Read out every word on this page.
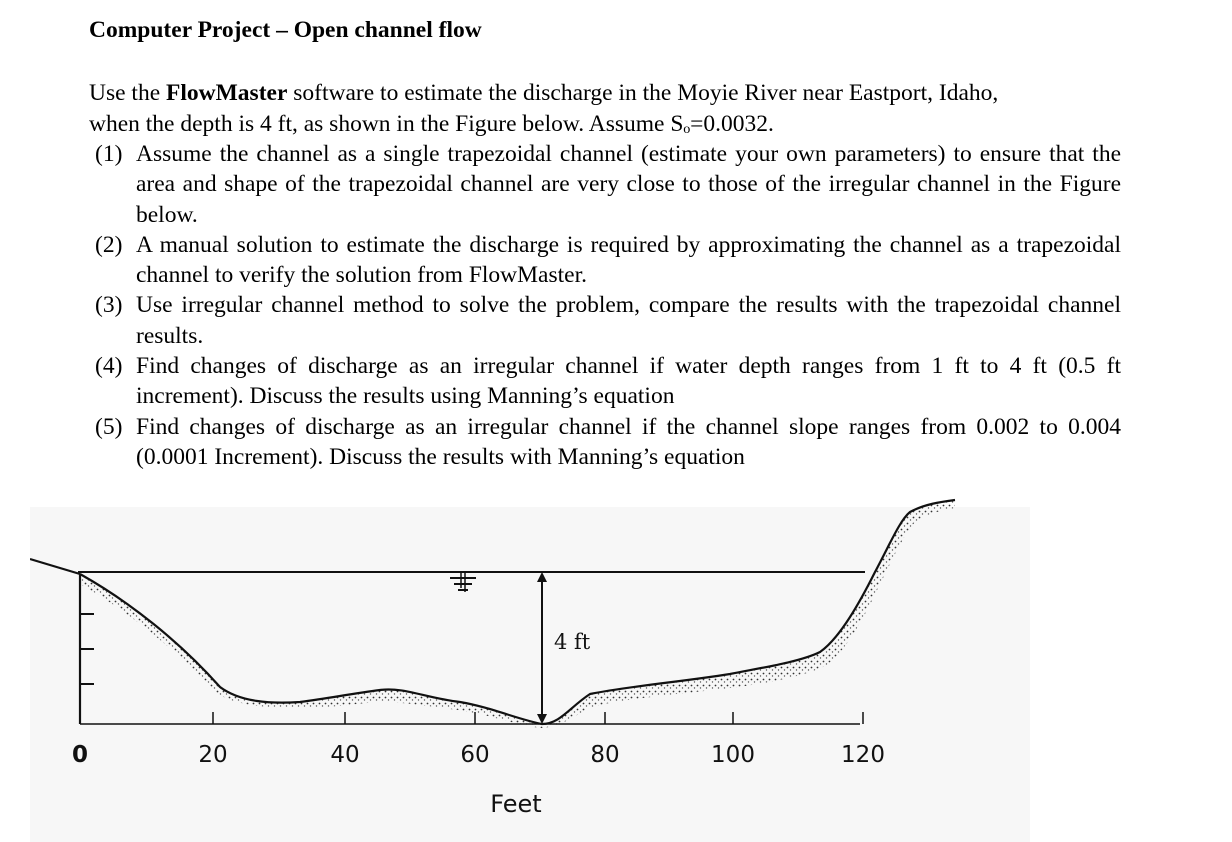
Computer Project – Open channel flow
Use the FlowMaster software to estimate the discharge in the Moyie River near Eastport, Idaho,
when the depth is 4 ft, as shown in the Figure below. Assume Sₒ=0.0032.
(1) Assume the channel as a single trapezoidal channel (estimate your own parameters) to ensure that the area and shape of the trapezoidal channel are very close to those of the irregular channel in the Figure below.
(2) A manual solution to estimate the discharge is required by approximating the channel as a trapezoidal channel to verify the solution from FlowMaster.
(3) Use irregular channel method to solve the problem, compare the results with the trapezoidal channel results.
(4) Find changes of discharge as an irregular channel if water depth ranges from 1 ft to 4 ft (0.5 ft increment). Discuss the results using Manning’s equation
(5) Find changes of discharge as an irregular channel if the channel slope ranges from 0.002 to 0.004 (0.0001 Increment). Discuss the results with Manning’s equation
4 ft
0	20	40	60	80	100	120
Feet
